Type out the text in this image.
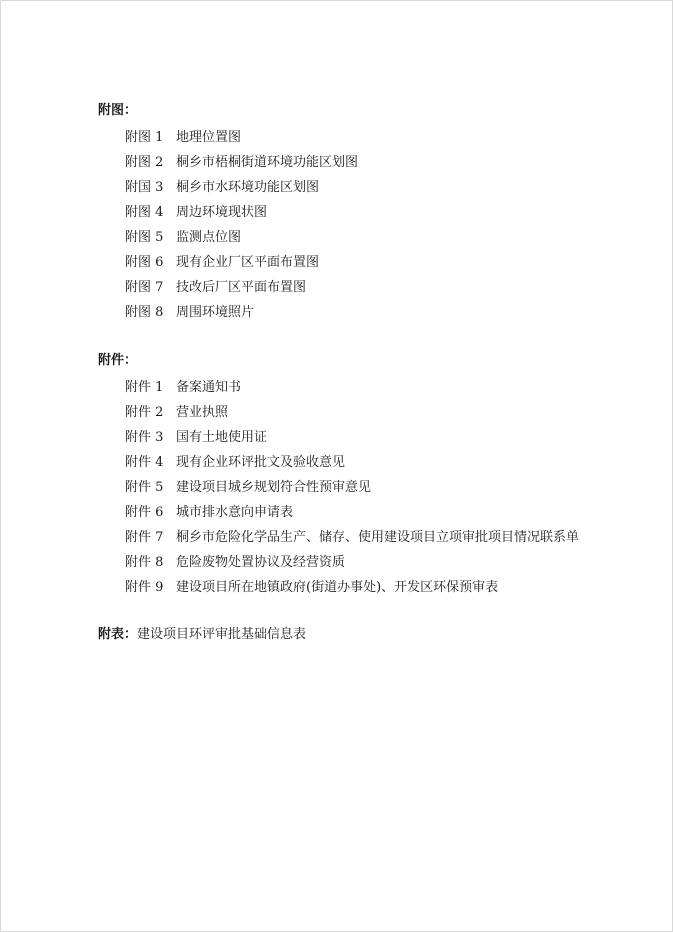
附图：
附图 1 地理位置图
附图 2 桐乡市梧桐街道环境功能区划图
附国 3 桐乡市水环境功能区划图
附图 4 周边环境现状图
附图 5 监测点位图
附图 6 现有企业厂区平面布置图
附图 7 技改后厂区平面布置图
附图 8 周围环境照片
附件：
附件 1 备案通知书
附件 2 营业执照
附件 3 国有土地使用证
附件 4 现有企业环评批文及验收意见
附件 5 建设项目城乡规划符合性预审意见
附件 6 城市排水意向申请表
附件 7 桐乡市危险化学品生产、储存、使用建设项目立项审批项目情况联系单
附件 8 危险废物处置协议及经营资质
附件 9 建设项目所在地镇政府(街道办事处)、开发区环保预审表
附表：建设项目环评审批基础信息表
